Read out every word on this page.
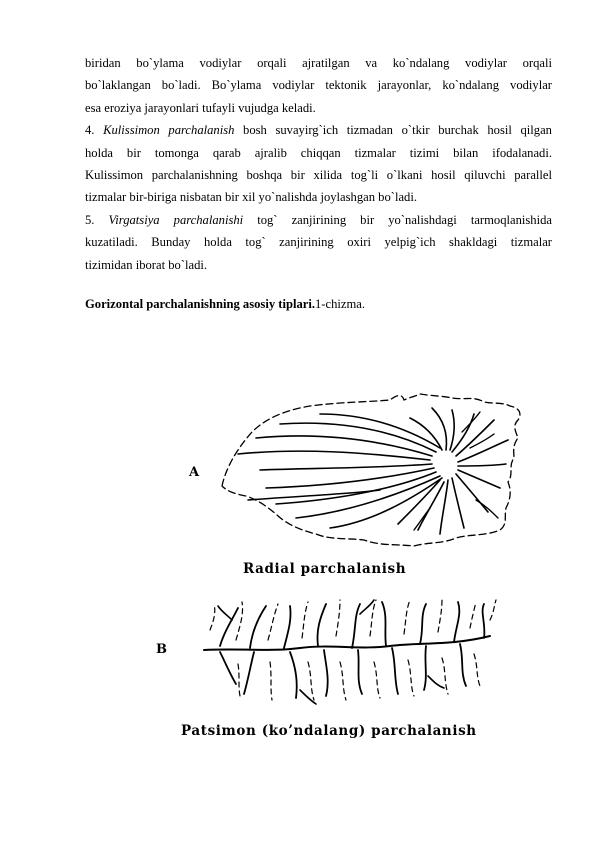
biridan bo`ylama vodiylar orqali ajratilgan va ko`ndalang vodiylar orqali
bo`laklangan bo`ladi. Bo`ylama vodiylar tektonik jarayonlar, ko`ndalang vodiylar
esa eroziya jarayonlari tufayli vujudga keladi.
4. Kulissimon parchalanish bosh suvayirg`ich tizmadan o`tkir burchak hosil qilgan
holda bir tomonga qarab ajralib chiqqan tizmalar tizimi bilan ifodalanadi.
Kulissimon parchalanishning boshqa bir xilida tog`li o`lkani hosil qiluvchi parallel
tizmalar bir-biriga nisbatan bir xil yo`nalishda joylashgan bo`ladi.
5. Virgatsiya parchalanishi tog` zanjirining bir yo`nalishdagi tarmoqlanishida
kuzatiladi. Bunday holda tog` zanjirining oxiri yelpig`ich shakldagi tizmalar
tizimidan iborat bo`ladi.
Gorizontal parchalanishning asosiy tiplari.1-chizma.
A
Radial parchalanish
B
Patsimon (ko’ndalang) parchalanish
